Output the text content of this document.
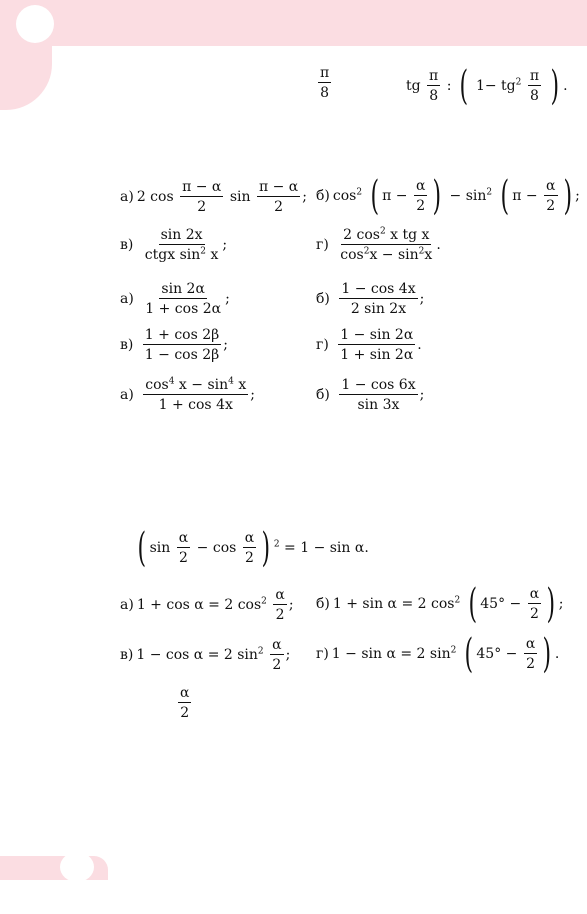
$\frac{\pi}{8}$	tg $\frac{\pi}{8}$ : ( $1- tg^2 \frac{\pi}{8}$ ) .
а) 2 $\cos \frac{\pi - \alpha}{2}$ $\sin \frac{\pi - \alpha}{2}$ ; б) $\cos^2$ ( $\pi - \frac{\alpha}{2}$ ) − $\sin^2$ ( $\pi - \frac{\alpha}{2}$ ) ;
$в) \frac{\sin 2x}{ctgx \sin^2 x}$ ;	$г) \frac{2 \cos^2 x tg x}{\cos^2x - \sin^2x}$ .
$а) \frac{\sin 2\alpha}{1 + \cos 2\alpha}$ ;	$б) \frac{1 - \cos 4x}{2 \sin 2x}$ ;
$в) \frac{1 + \cos 2\beta}{1 - \cos 2\beta}$ ;	$г) \frac{1 - \sin 2\alpha}{1 + \sin 2\alpha}$ .
$а) \frac{\cos^4 x - \sin^4 x}{1 + \cos 4x}$ ;	$б) \frac{1 - \cos 6x}{\sin 3x}$ ;
( $\sin \frac{\alpha}{2} - \cos \frac{\alpha}{2}$ ) $^2$ = 1 − sin α.
а) 1 + cos α = 2 $\cos^2 \frac{\alpha}{2}$ ; б) 1 + sin α = 2 $\cos^2$ ( $45^\circ - \frac{\alpha}{2}$ ) ;
в) 1 − cos α = 2 $\sin^2 \frac{\alpha}{2}$ ; г) 1 − sin α = 2 $\sin^2$ ( $45^\circ - \frac{\alpha}{2}$ ) .
$\frac{\alpha}{2}$
